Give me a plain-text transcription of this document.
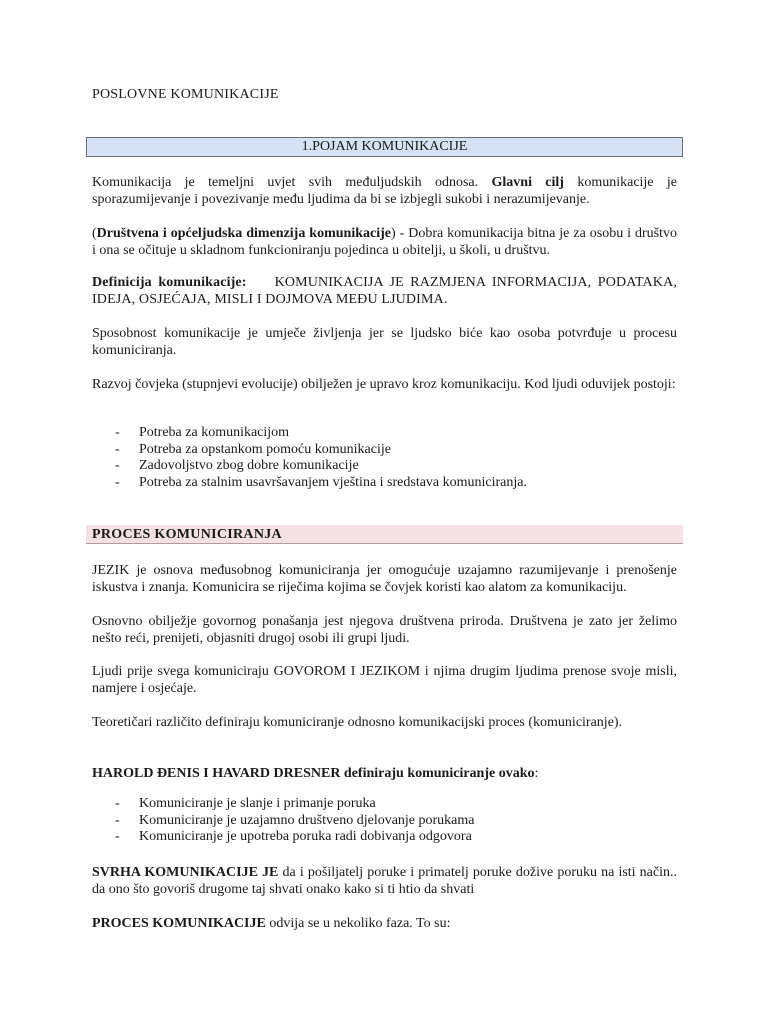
POSLOVNE KOMUNIKACIJE

1.POJAM KOMUNIKACIJE

Komunikacija je temeljni uvjet svih međuljudskih odnosa. Glavni cilj komunikacije je sporazumijevanje i povezivanje među ljudima da bi se izbjegli sukobi i nerazumijevanje.

(Društvena i općeljudska dimenzija komunikacije) - Dobra komunikacija bitna je za osobu i društvo i ona se očituje u skladnom funkcioniranju pojedinca u obitelji, u školi, u društvu.

Definicija komunikacije: KOMUNIKACIJA JE RAZMJENA INFORMACIJA, PODATAKA, IDEJA, OSJEĆAJA, MISLI I DOJMOVA MEĐU LJUDIMA.

Sposobnost komunikacije je umječe življenja jer se ljudsko biće kao osoba potvrđuje u procesu komuniciranja.

Razvoj čovjeka (stupnjevi evolucije) obilježen je upravo kroz komunikaciju. Kod ljudi oduvijek postoji:

- Potreba za komunikacijom
- Potreba za opstankom pomoću komunikacije
- Zadovoljstvo zbog dobre komunikacije
- Potreba za stalnim usavršavanjem vještina i sredstava komuniciranja.
PROCES KOMUNICIRANJA

JEZIK je osnova međusobnog komuniciranja jer omogućuje uzajamno razumijevanje i prenošenje iskustva i znanja. Komunicira se riječima kojima se čovjek koristi kao alatom za komunikaciju.

Osnovno obilježje govornog ponašanja jest njegova društvena priroda. Društvena je zato jer želimo nešto reći, prenijeti, objasniti drugoj osobi ili grupi ljudi.

Ljudi prije svega komuniciraju GOVOROM I JEZIKOM i njima drugim ljudima prenose svoje misli, namjere i osjećaje.

Teoretičari različito definiraju komuniciranje odnosno komunikacijski proces (komuniciranje).

HAROLD ĐENIS I HAVARD DRESNER definiraju komuniciranje ovako:

- Komuniciranje je slanje i primanje poruka
- Komuniciranje je uzajamno društveno djelovanje porukama
- Komuniciranje je upotreba poruka radi dobivanja odgovora

SVRHA KOMUNIKACIJE JE da i pošiljatelj poruke i primatelj poruke dožive poruku na isti način.. da ono što govoriš drugome taj shvati onako kako si ti htio da shvati

PROCES KOMUNIKACIJE odvija se u nekoliko faza. To su:
